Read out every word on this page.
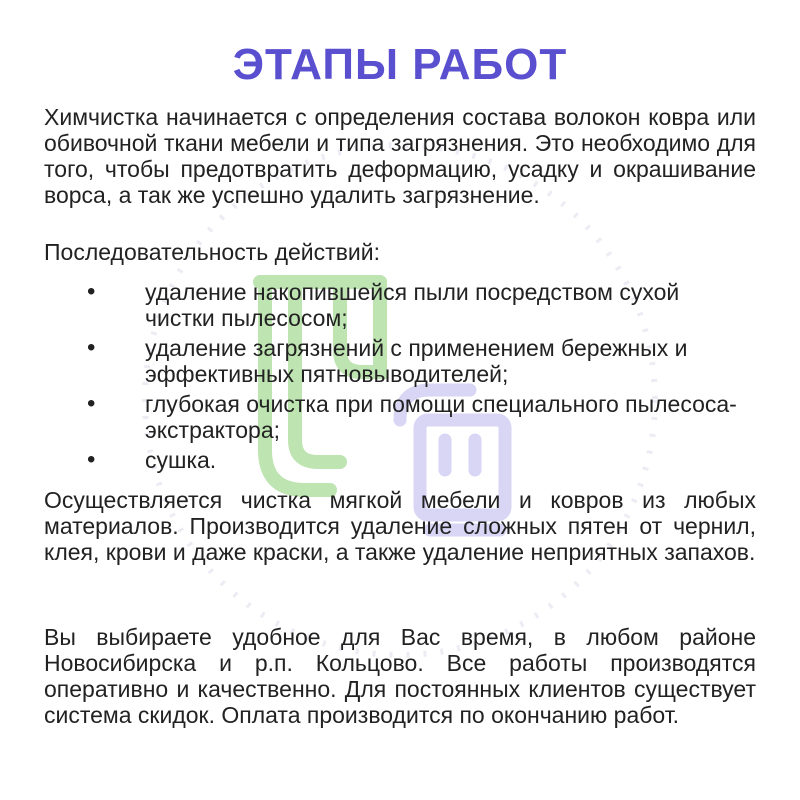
ЭТАПЫ РАБОТ
Химчистка начинается с определения состава волокон ковра или обивочной ткани мебели и типа загрязнения. Это необходимо для того, чтобы предотвратить деформацию, усадку и окрашивание ворса, а так же успешно удалить загрязнение.
Последовательность действий:
• удаление накопившейся пыли посредством сухой чистки пылесосом;
• удаление загрязнений с применением бережных и эффективных пятновыводителей;
• глубокая очистка при помощи специального пылесоса-экстрактора;
• сушка.
Осуществляется чистка мягкой мебели и ковров из любых материалов. Производится удаление сложных пятен от чернил, клея, крови и даже краски, а также удаление неприятных запахов.
Вы выбираете удобное для Вас время, в любом районе Новосибирска и р.п. Кольцово. Все работы производятся оперативно и качественно. Для постоянных клиентов существует система скидок. Оплата производится по окончанию работ.
